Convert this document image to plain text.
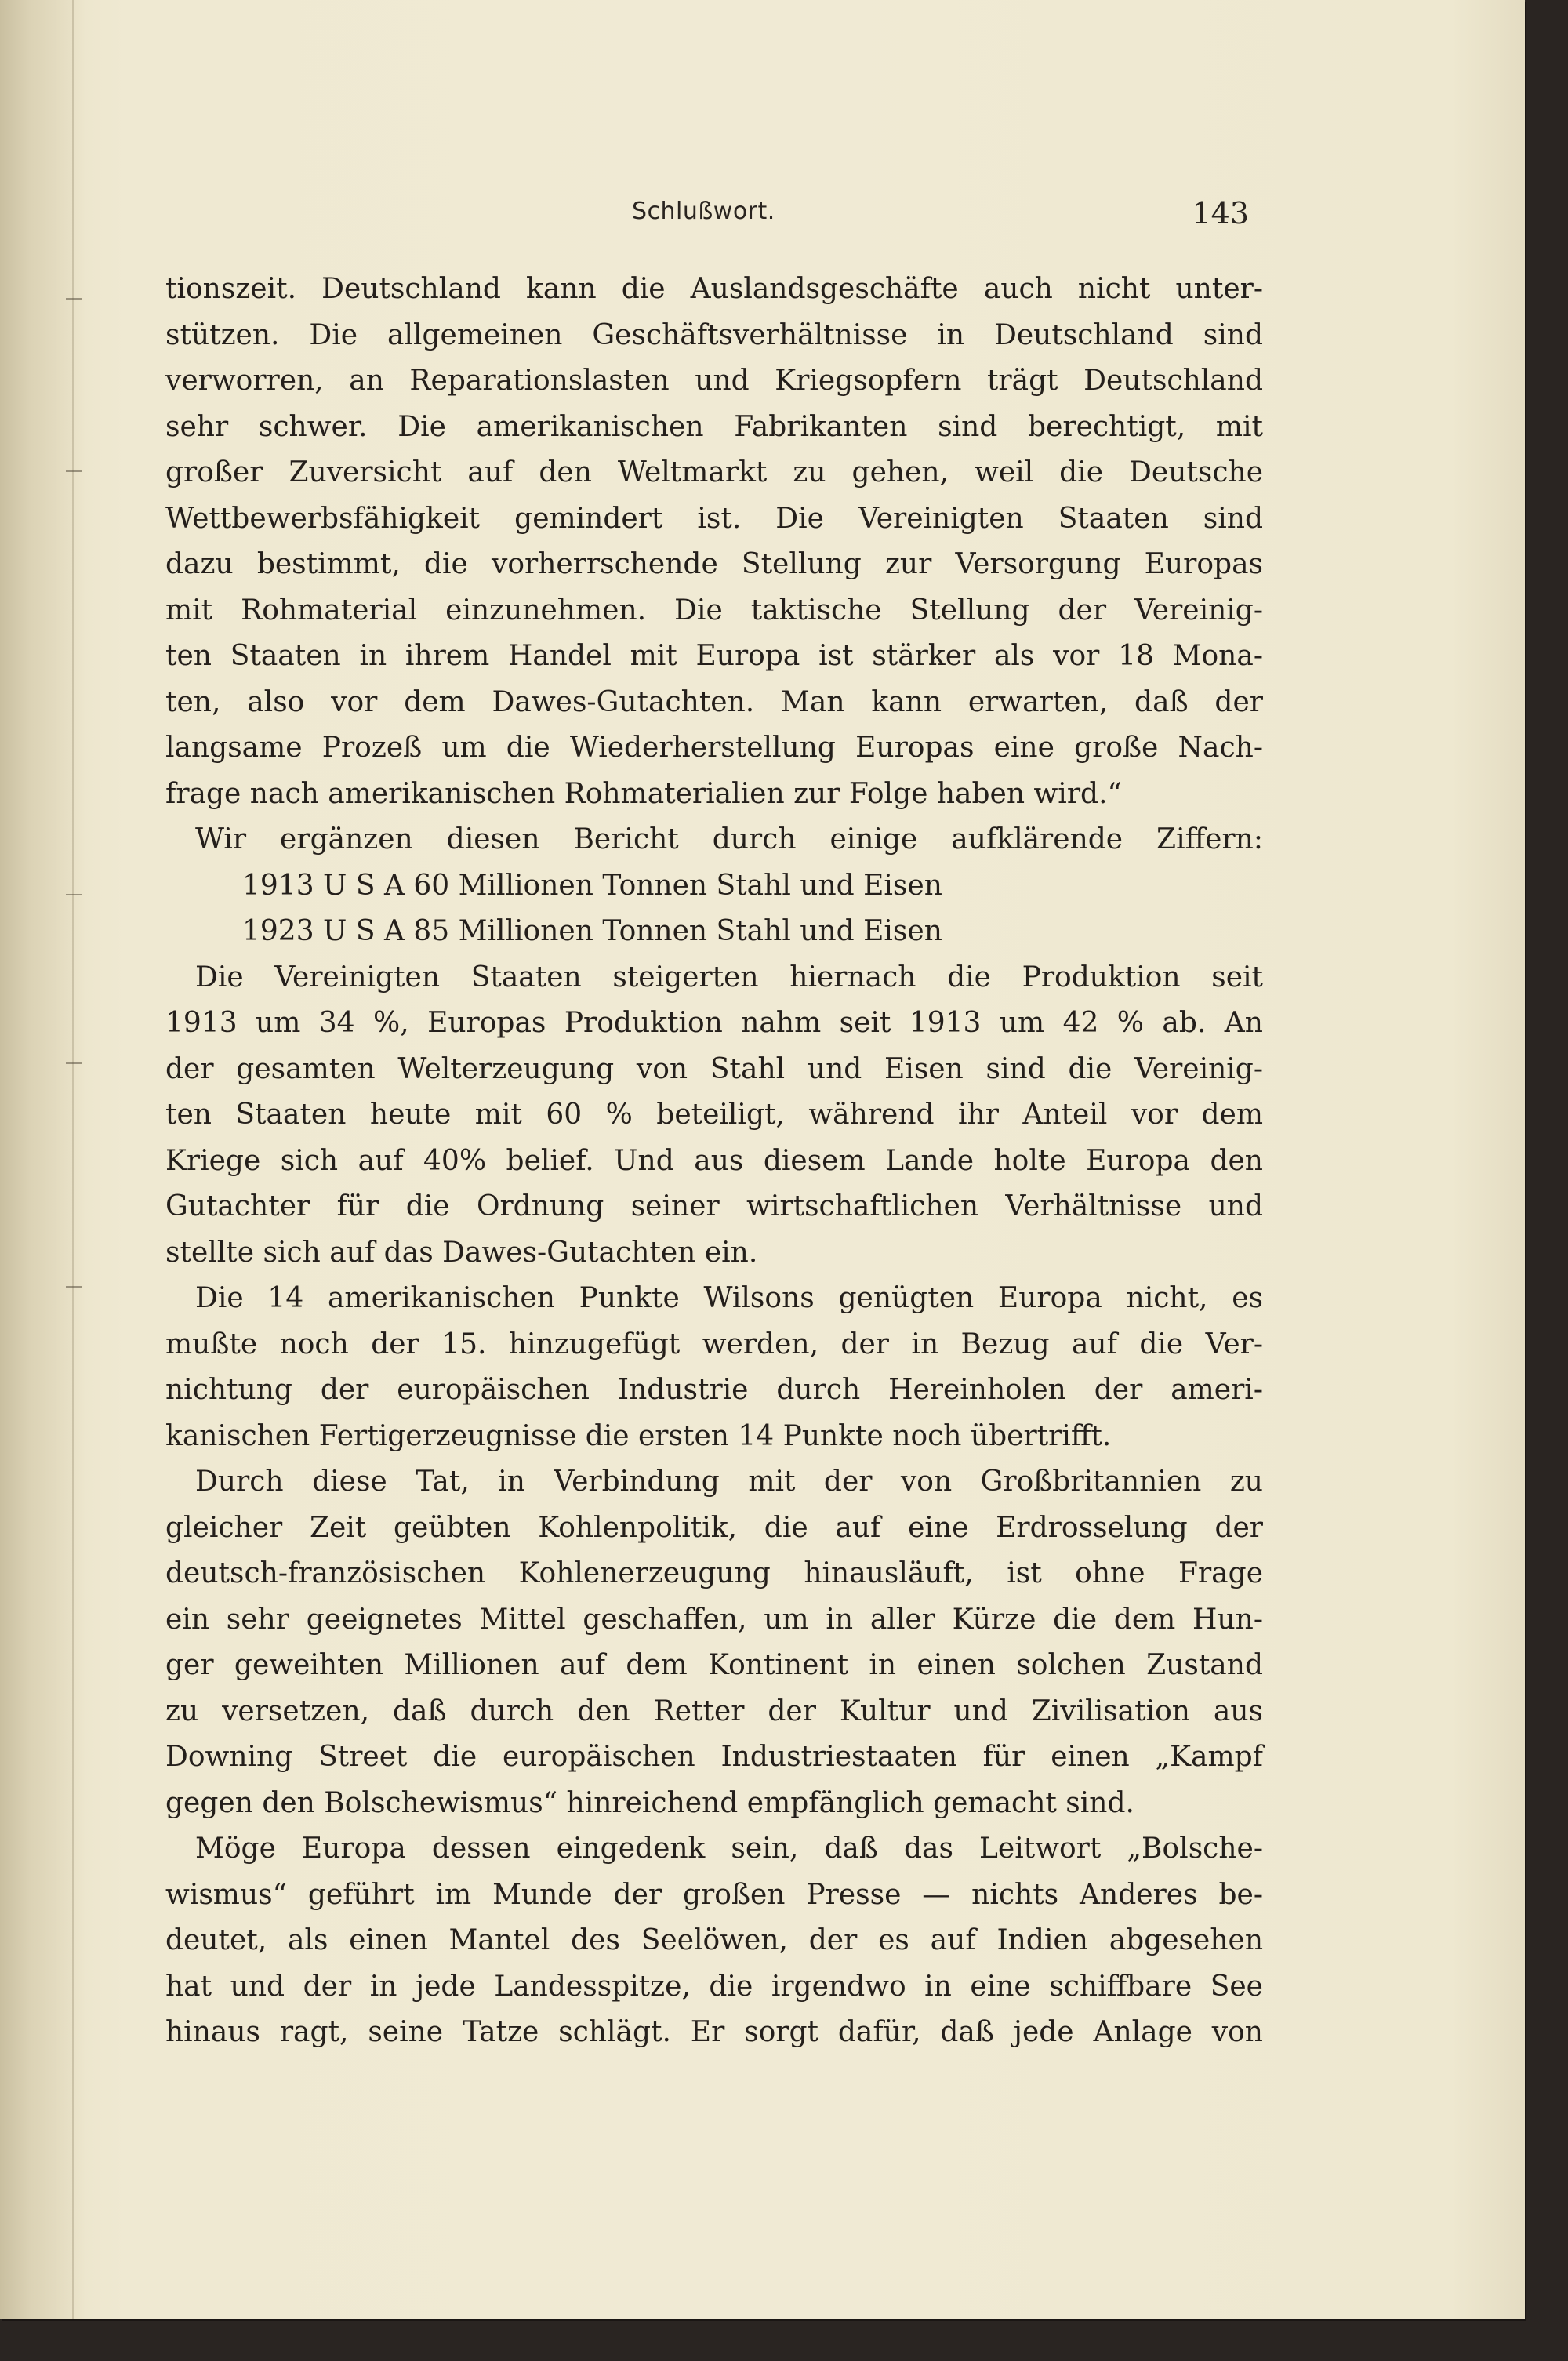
Schlußwort.	143
tionszeit. Deutschland kann die Auslandsgeschäfte auch nicht unter-
stützen. Die allgemeinen Geschäftsverhältnisse in Deutschland sind
verworren, an Reparationslasten und Kriegsopfern trägt Deutschland
sehr schwer. Die amerikanischen Fabrikanten sind berechtigt, mit
großer Zuversicht auf den Weltmarkt zu gehen, weil die Deutsche
Wettbewerbsfähigkeit gemindert ist. Die Vereinigten Staaten sind
dazu bestimmt, die vorherrschende Stellung zur Versorgung Europas
mit Rohmaterial einzunehmen. Die taktische Stellung der Vereinig-
ten Staaten in ihrem Handel mit Europa ist stärker als vor 18 Mona-
ten, also vor dem Dawes-Gutachten. Man kann erwarten, daß der
langsame Prozeß um die Wiederherstellung Europas eine große Nach-
frage nach amerikanischen Rohmaterialien zur Folge haben wird.“
Wir ergänzen diesen Bericht durch einige aufklärende Ziffern:
1913 U S A 60 Millionen Tonnen Stahl und Eisen
1923 U S A 85 Millionen Tonnen Stahl und Eisen
Die Vereinigten Staaten steigerten hiernach die Produktion seit
1913 um 34 %, Europas Produktion nahm seit 1913 um 42 % ab. An
der gesamten Welterzeugung von Stahl und Eisen sind die Vereinig-
ten Staaten heute mit 60 % beteiligt, während ihr Anteil vor dem
Kriege sich auf 40% belief. Und aus diesem Lande holte Europa den
Gutachter für die Ordnung seiner wirtschaftlichen Verhältnisse und
stellte sich auf das Dawes-Gutachten ein.
Die 14 amerikanischen Punkte Wilsons genügten Europa nicht, es
mußte noch der 15. hinzugefügt werden, der in Bezug auf die Ver-
nichtung der europäischen Industrie durch Hereinholen der ameri-
kanischen Fertigerzeugnisse die ersten 14 Punkte noch übertrifft.
Durch diese Tat, in Verbindung mit der von Großbritannien zu
gleicher Zeit geübten Kohlenpolitik, die auf eine Erdrosselung der
deutsch-französischen Kohlenerzeugung hinausläuft, ist ohne Frage
ein sehr geeignetes Mittel geschaffen, um in aller Kürze die dem Hun-
ger geweihten Millionen auf dem Kontinent in einen solchen Zustand
zu versetzen, daß durch den Retter der Kultur und Zivilisation aus
Downing Street die europäischen Industriestaaten für einen „Kampf
gegen den Bolschewismus“ hinreichend empfänglich gemacht sind.
Möge Europa dessen eingedenk sein, daß das Leitwort „Bolsche-
wismus“ geführt im Munde der großen Presse — nichts Anderes be-
deutet, als einen Mantel des Seelöwen, der es auf Indien abgesehen
hat und der in jede Landesspitze, die irgendwo in eine schiffbare See
hinaus ragt, seine Tatze schlägt. Er sorgt dafür, daß jede Anlage von
